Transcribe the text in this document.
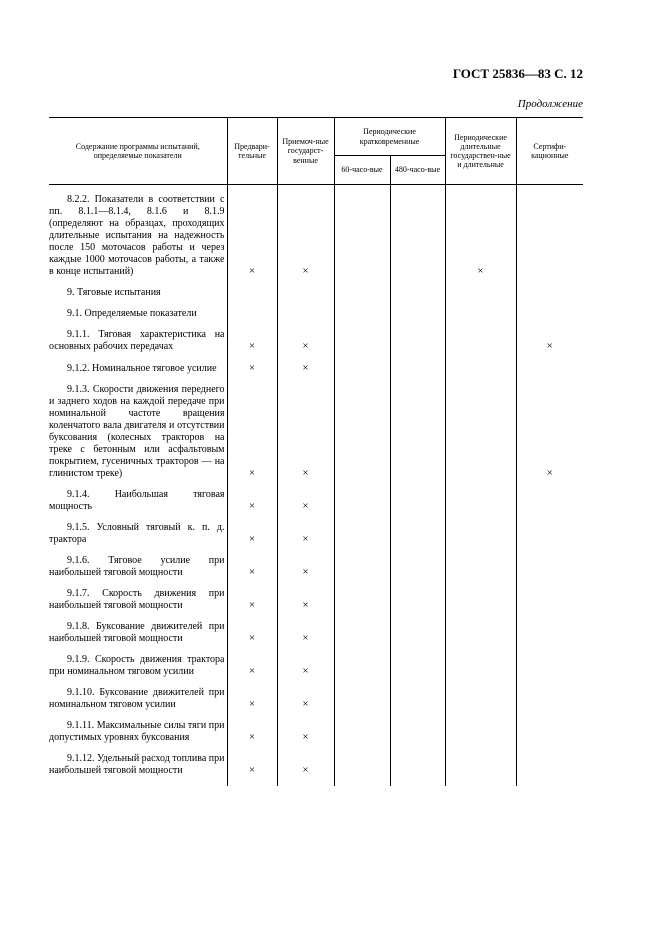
ГОСТ 25836—83 С. 12
Продолжение
Содержание программы испытаний, определяемые показатели	Предвари-тельные	Приемоч-ные государст-венные	Периодические кратковременные		Периодические длительные государствен-ные и длительные	Сертифи-кационные
			60-часо-вые	480-часо-вые		

8.2.2. Показатели в соответствии с пп. 8.1.1—8.1.4, 8.1.6 и 8.1.9 (определяют на образцах, проходящих длительные испытания на надежность после 150 моточасов работы и через каждые 1000 моточасов работы, а также в конце испытаний)	×	×			×	

9. Тяговые испытания						

9.1. Определяемые показатели						

9.1.1. Тяговая характеристика на основных рабочих передачах	×	×				×

9.1.2. Номинальное тяговое усилие	×	×				

9.1.3. Скорости движения переднего и заднего ходов на каждой передаче при номинальной частоте вращения коленчатого вала двигателя и отсутствии буксования (колесных тракторов на треке с бетонным или асфальтовым покрытием, гусеничных тракторов — на глинистом треке)	×	×				×

9.1.4. Наибольшая тяговая мощность	×	×				

9.1.5. Условный тяговый к. п. д. трактора	×	×				

9.1.6. Тяговое усилие при наибольшей тяговой мощности	×	×				

9.1.7. Скорость движения при наибольшей тяговой мощности	×	×				

9.1.8. Буксование движителей при наибольшей тяговой мощности	×	×				

9.1.9. Скорость движения трактора при номинальном тяговом усилии	×	×				

9.1.10. Буксование движителей при номинальном тяговом усилии	×	×				

9.1.11. Максимальные силы тяги при допустимых уровнях буксования	×	×				

9.1.12. Удельный расход топлива при наибольшей тяговой мощности	×	×				
